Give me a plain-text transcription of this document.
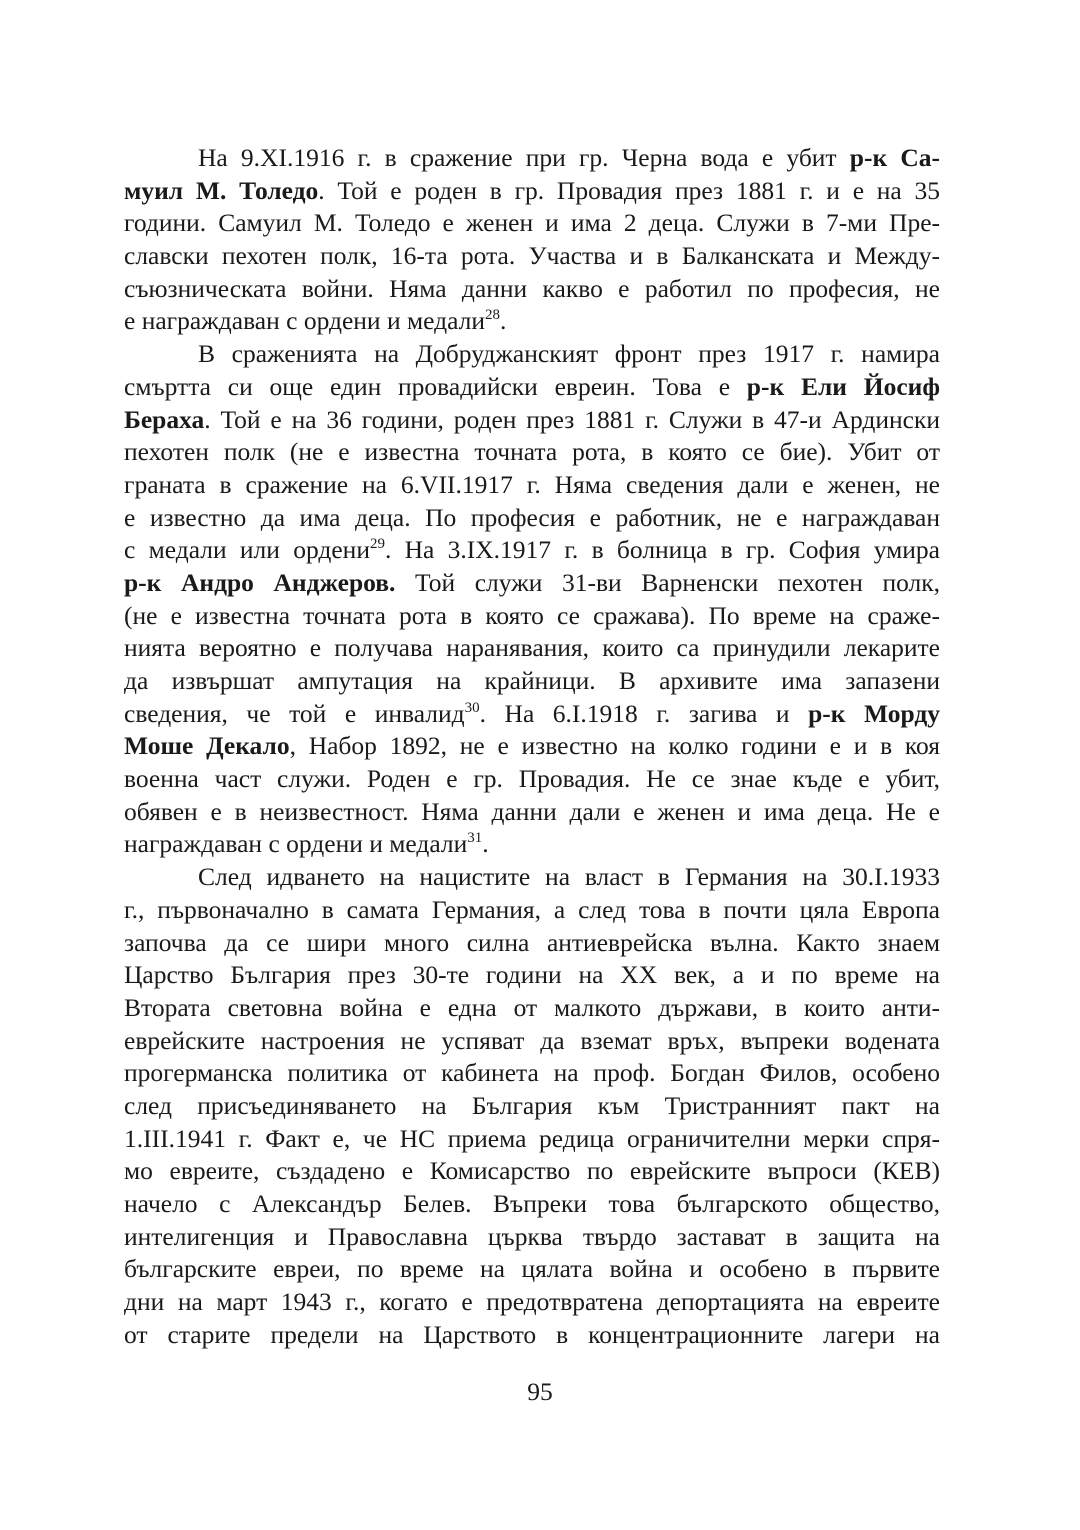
На 9.XI.1916 г. в сражение при гр. Черна вода е убит р-к Са-
муил М. Толедо. Той е роден в гр. Провадия през 1881 г. и е на 35
години. Самуил М. Толедо е женен и има 2 деца. Служи в 7-ми Пре-
славски пехотен полк, 16-та рота. Участва и в Балканската и Между-
съюзническата войни. Няма данни какво е работил по професия, не
е награждаван с ордени и медали$^{28}$.
В сраженията на Добруджанският фронт през 1917 г. намира
смъртта си още един провадийски евреин. Това е р-к Ели Йосиф
Бераха. Той е на 36 години, роден през 1881 г. Служи в 47-и Ардински
пехотен полк (не е известна точната рота, в която се бие). Убит от
граната в сражение на 6.VII.1917 г. Няма сведения дали е женен, не
е известно да има деца. По професия е работник, не е награждаван
с медали или ордени$^{29}$. На 3.IX.1917 г. в болница в гр. София умира
р-к Андро Анджеров. Той служи 31-ви Варненски пехотен полк,
(не е известна точната рота в която се сражава). По време на сраже-
нията вероятно е получава наранявания, които са принудили лекарите
да извършат ампутация на крайници. В архивите има запазени
сведения, че той е инвалид$^{30}$. На 6.I.1918 г. загива и р-к Морду
Моше Декало, Набор 1892, не е известно на колко години е и в коя
военна част служи. Роден е гр. Провадия. Не се знае къде е убит,
обявен е в неизвестност. Няма данни дали е женен и има деца. Не е
награждаван с ордени и медали$^{31}$.
След идването на нацистите на власт в Германия на 30.I.1933
г., първоначално в самата Германия, а след това в почти цяла Европа
започва да се шири много силна антиеврейска вълна. Както знаем
Царство България през 30-те години на XX век, а и по време на
Втората световна война е една от малкото държави, в които анти-
еврейските настроения не успяват да вземат връх, въпреки водената
прогерманска политика от кабинета на проф. Богдан Филов, особено
след присъединяването на България към Тристранният пакт на
1.III.1941 г. Факт е, че НС приема редица ограничителни мерки спря-
мо евреите, създадено е Комисарство по еврейските въпроси (КЕВ)
начело с Александър Белев. Въпреки това българското общество,
интелигенция и Православна църква твърдо застават в защита на
българските евреи, по време на цялата война и особено в първите
дни на март 1943 г., когато е предотвратена депортацията на евреите
от старите предели на Царството в концентрационните лагери на
95
